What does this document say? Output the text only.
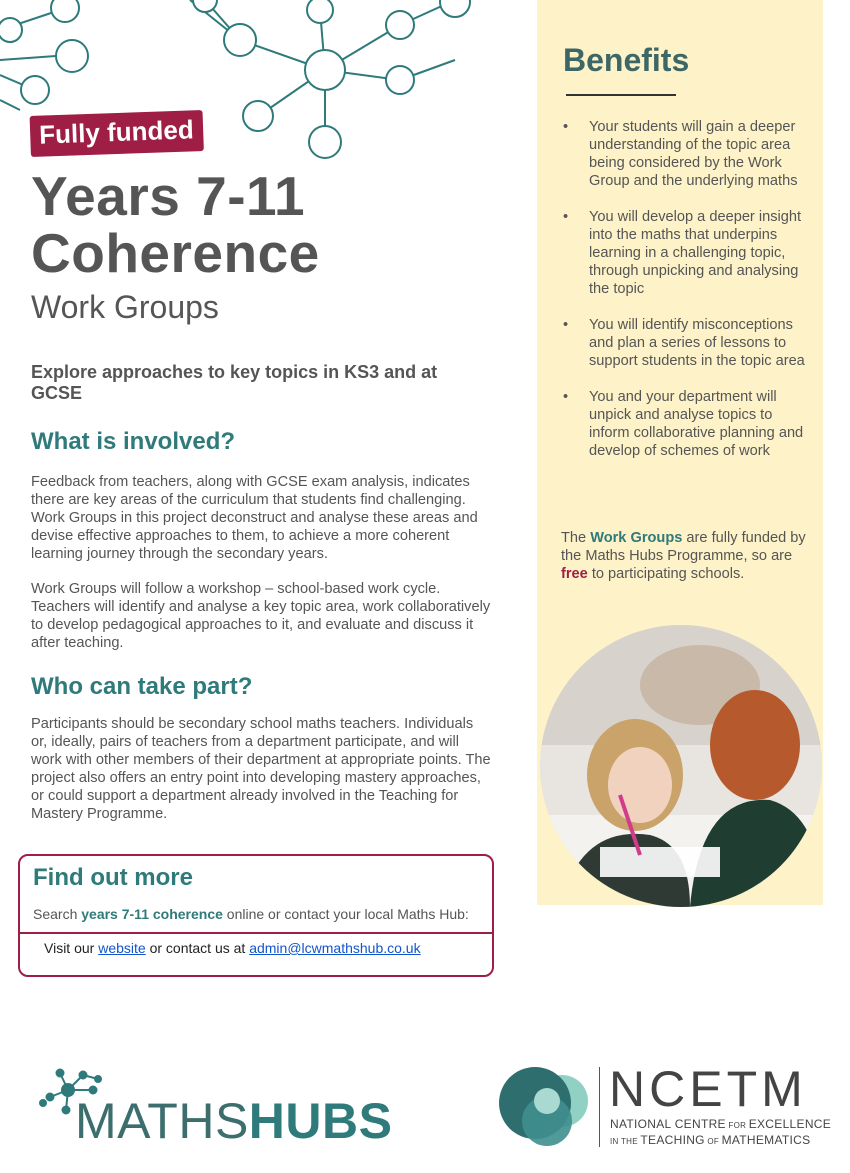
Fully funded
Years 7-11
Coherence
Work Groups
Explore approaches to key topics in KS3 and at GCSE
What is involved?

Feedback from teachers, along with GCSE exam analysis, indicates there are key areas of the curriculum that students find challenging. Work Groups in this project deconstruct and analyse these areas and devise effective approaches to them, to achieve a more coherent learning journey through the secondary years.

Work Groups will follow a workshop – school-based work cycle. Teachers will identify and analyse a key topic area, work collaboratively to develop pedagogical approaches to it, and evaluate and discuss it after teaching.

Who can take part?

Participants should be secondary school maths teachers. Individuals or, ideally, pairs of teachers from a department participate, and will work with other members of their department at appropriate points. The project also offers an entry point into developing mastery approaches, or could support a department already involved in the Teaching for Mastery Programme.

Find out more
Search years 7-11 coherence online or contact your local Maths Hub:
Visit our website or contact us at admin@lcwmathshub.co.uk
Benefits
• Your students will gain a deeper understanding of the topic area being considered by the Work Group and the underlying maths
• You will develop a deeper insight into the maths that underpins learning in a challenging topic, through unpicking and analysing the topic
• You will identify misconceptions and plan a series of lessons to support students in the topic area
• You and your department will unpick and analyse topics to inform collaborative planning and develop of schemes of work
The Work Groups are fully funded by the Maths Hubs Programme, so are free to participating schools.
MATHSHUBS
NCETM
NATIONAL CENTRE FOR EXCELLENCE
IN THE TEACHING OF MATHEMATICS
